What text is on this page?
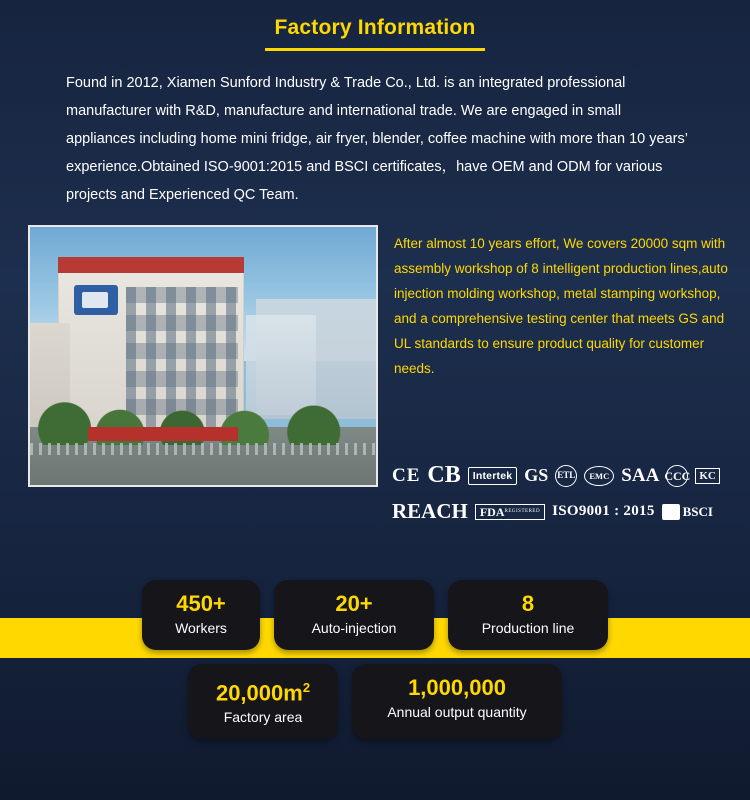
Factory Information
Found in 2012, Xiamen Sunford Industry & Trade Co., Ltd. is an integrated professional manufacturer with R&D, manufacture and international trade. We are engaged in small appliances including home mini fridge, air fryer, blender, coffee machine with more than 10 years’ experience.Obtained ISO-9001:2015 and BSCI certificates，have OEM and ODM for various projects and Experienced QC Team.
After almost 10 years effort, We covers 20000 sqm with assembly workshop of 8 intelligent production lines,auto injection molding workshop, metal stamping workshop, and a comprehensive testing center that meets GS and UL standards to ensure product quality for customer needs.
CE CB	Intertek GS ETL	EMC SAA CCC KC
REACH FDA REGISTERED ISO9001 : 2015 BSCI
450+
Workers
20+
Auto-injection
8
Production line
$20,000m^2$
Factory area
1,000,000
Annual output quantity
